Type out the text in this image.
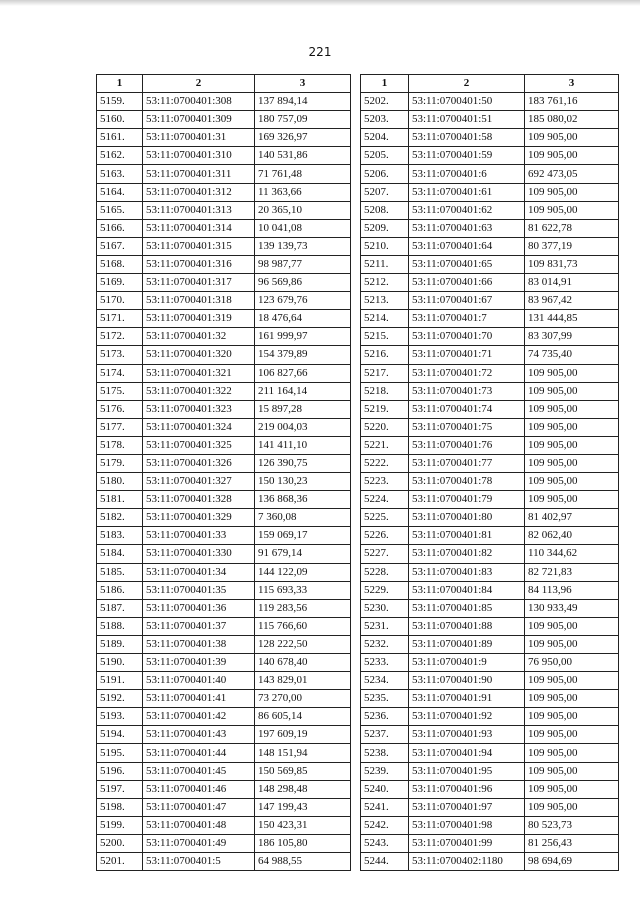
221
1	2	3
5159.	53:11:0700401:308	137 894,14
5160.	53:11:0700401:309	180 757,09
5161.	53:11:0700401:31	169 326,97
5162.	53:11:0700401:310	140 531,86
5163.	53:11:0700401:311	71 761,48
5164.	53:11:0700401:312	11 363,66
5165.	53:11:0700401:313	20 365,10
5166.	53:11:0700401:314	10 041,08
5167.	53:11:0700401:315	139 139,73
5168.	53:11:0700401:316	98 987,77
5169.	53:11:0700401:317	96 569,86
5170.	53:11:0700401:318	123 679,76
5171.	53:11:0700401:319	18 476,64
5172.	53:11:0700401:32	161 999,97
5173.	53:11:0700401:320	154 379,89
5174.	53:11:0700401:321	106 827,66
5175.	53:11:0700401:322	211 164,14
5176.	53:11:0700401:323	15 897,28
5177.	53:11:0700401:324	219 004,03
5178.	53:11:0700401:325	141 411,10
5179.	53:11:0700401:326	126 390,75
5180.	53:11:0700401:327	150 130,23
5181.	53:11:0700401:328	136 868,36
5182.	53:11:0700401:329	7 360,08
5183.	53:11:0700401:33	159 069,17
5184.	53:11:0700401:330	91 679,14
5185.	53:11:0700401:34	144 122,09
5186.	53:11:0700401:35	115 693,33
5187.	53:11:0700401:36	119 283,56
5188.	53:11:0700401:37	115 766,60
5189.	53:11:0700401:38	128 222,50
5190.	53:11:0700401:39	140 678,40
5191.	53:11:0700401:40	143 829,01
5192.	53:11:0700401:41	73 270,00
5193.	53:11:0700401:42	86 605,14
5194.	53:11:0700401:43	197 609,19
5195.	53:11:0700401:44	148 151,94
5196.	53:11:0700401:45	150 569,85
5197.	53:11:0700401:46	148 298,48
5198.	53:11:0700401:47	147 199,43
5199.	53:11:0700401:48	150 423,31
5200.	53:11:0700401:49	186 105,80
5201.	53:11:0700401:5	64 988,55
1	2	3
5202.	53:11:0700401:50	183 761,16
5203.	53:11:0700401:51	185 080,02
5204.	53:11:0700401:58	109 905,00
5205.	53:11:0700401:59	109 905,00
5206.	53:11:0700401:6	692 473,05
5207.	53:11:0700401:61	109 905,00
5208.	53:11:0700401:62	109 905,00
5209.	53:11:0700401:63	81 622,78
5210.	53:11:0700401:64	80 377,19
5211.	53:11:0700401:65	109 831,73
5212.	53:11:0700401:66	83 014,91
5213.	53:11:0700401:67	83 967,42
5214.	53:11:0700401:7	131 444,85
5215.	53:11:0700401:70	83 307,99
5216.	53:11:0700401:71	74 735,40
5217.	53:11:0700401:72	109 905,00
5218.	53:11:0700401:73	109 905,00
5219.	53:11:0700401:74	109 905,00
5220.	53:11:0700401:75	109 905,00
5221.	53:11:0700401:76	109 905,00
5222.	53:11:0700401:77	109 905,00
5223.	53:11:0700401:78	109 905,00
5224.	53:11:0700401:79	109 905,00
5225.	53:11:0700401:80	81 402,97
5226.	53:11:0700401:81	82 062,40
5227.	53:11:0700401:82	110 344,62
5228.	53:11:0700401:83	82 721,83
5229.	53:11:0700401:84	84 113,96
5230.	53:11:0700401:85	130 933,49
5231.	53:11:0700401:88	109 905,00
5232.	53:11:0700401:89	109 905,00
5233.	53:11:0700401:9	76 950,00
5234.	53:11:0700401:90	109 905,00
5235.	53:11:0700401:91	109 905,00
5236.	53:11:0700401:92	109 905,00
5237.	53:11:0700401:93	109 905,00
5238.	53:11:0700401:94	109 905,00
5239.	53:11:0700401:95	109 905,00
5240.	53:11:0700401:96	109 905,00
5241.	53:11:0700401:97	109 905,00
5242.	53:11:0700401:98	80 523,73
5243.	53:11:0700401:99	81 256,43
5244.	53:11:0700402:1180	98 694,69
